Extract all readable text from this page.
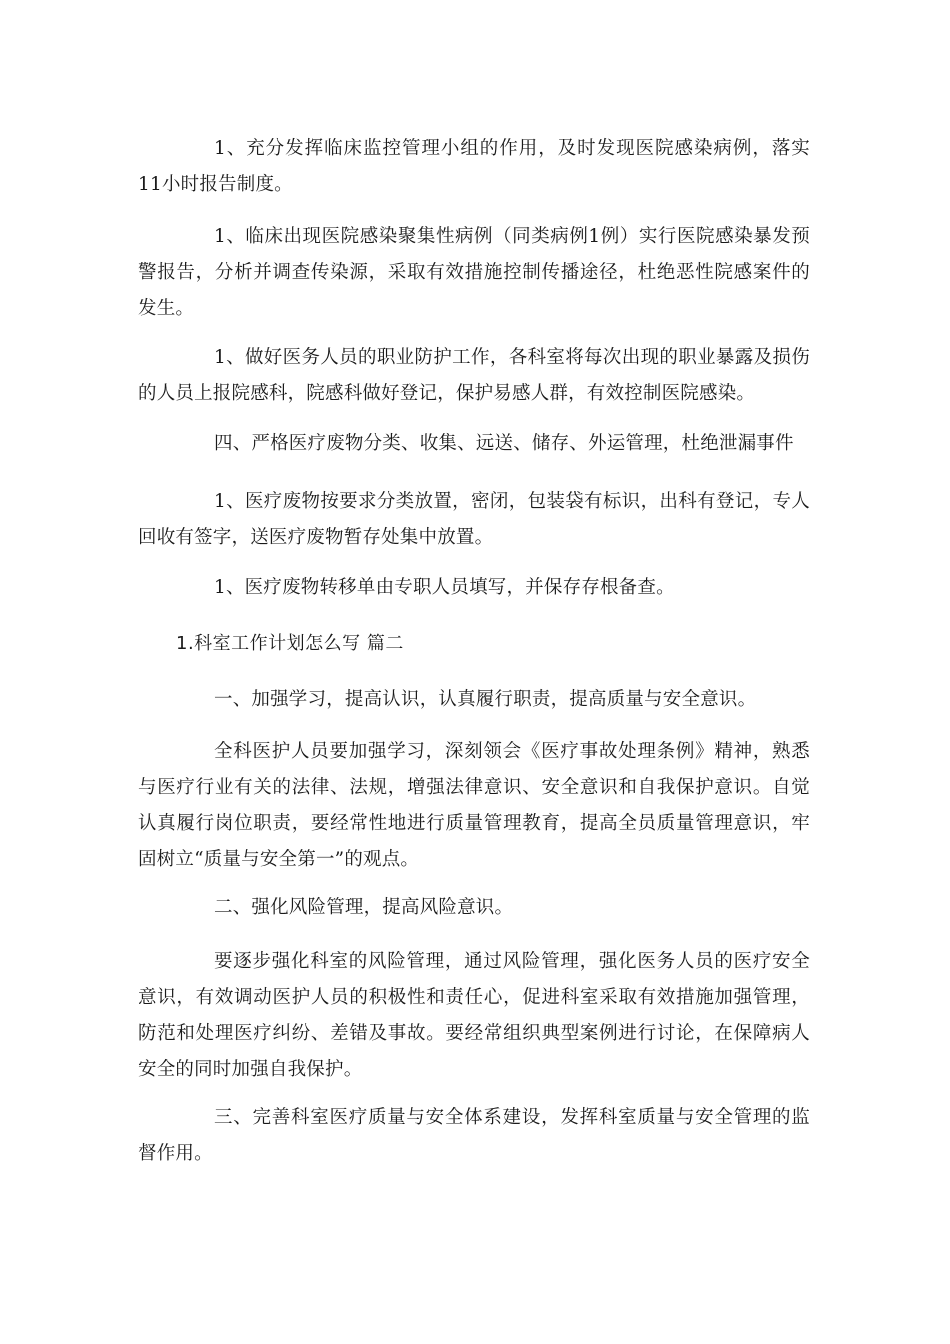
1、充分发挥临床监控管理小组的作用，及时发现医院感染病例，落实11小时报告制度。

1、临床出现医院感染聚集性病例（同类病例1例）实行医院感染暴发预警报告，分析并调查传染源，采取有效措施控制传播途径，杜绝恶性院感案件的发生。

1、做好医务人员的职业防护工作，各科室将每次出现的职业暴露及损伤的人员上报院感科，院感科做好登记，保护易感人群，有效控制医院感染。

四、严格医疗废物分类、收集、远送、储存、外运管理，杜绝泄漏事件

1、医疗废物按要求分类放置，密闭，包装袋有标识，出科有登记，专人回收有签字，送医疗废物暂存处集中放置。

1、医疗废物转移单由专职人员填写，并保存存根备查。

1.科室工作计划怎么写 篇二

一、加强学习，提高认识，认真履行职责，提高质量与安全意识。

全科医护人员要加强学习，深刻领会《医疗事故处理条例》精神，熟悉与医疗行业有关的法律、法规，增强法律意识、安全意识和自我保护意识。自觉认真履行岗位职责，要经常性地进行质量管理教育，提高全员质量管理意识，牢固树立“质量与安全第一”的观点。

二、强化风险管理，提高风险意识。

要逐步强化科室的风险管理，通过风险管理，强化医务人员的医疗安全意识，有效调动医护人员的积极性和责任心，促进科室采取有效措施加强管理，防范和处理医疗纠纷、差错及事故。要经常组织典型案例进行讨论，在保障病人安全的同时加强自我保护。

三、完善科室医疗质量与安全体系建设，发挥科室质量与安全管理的监督作用。
